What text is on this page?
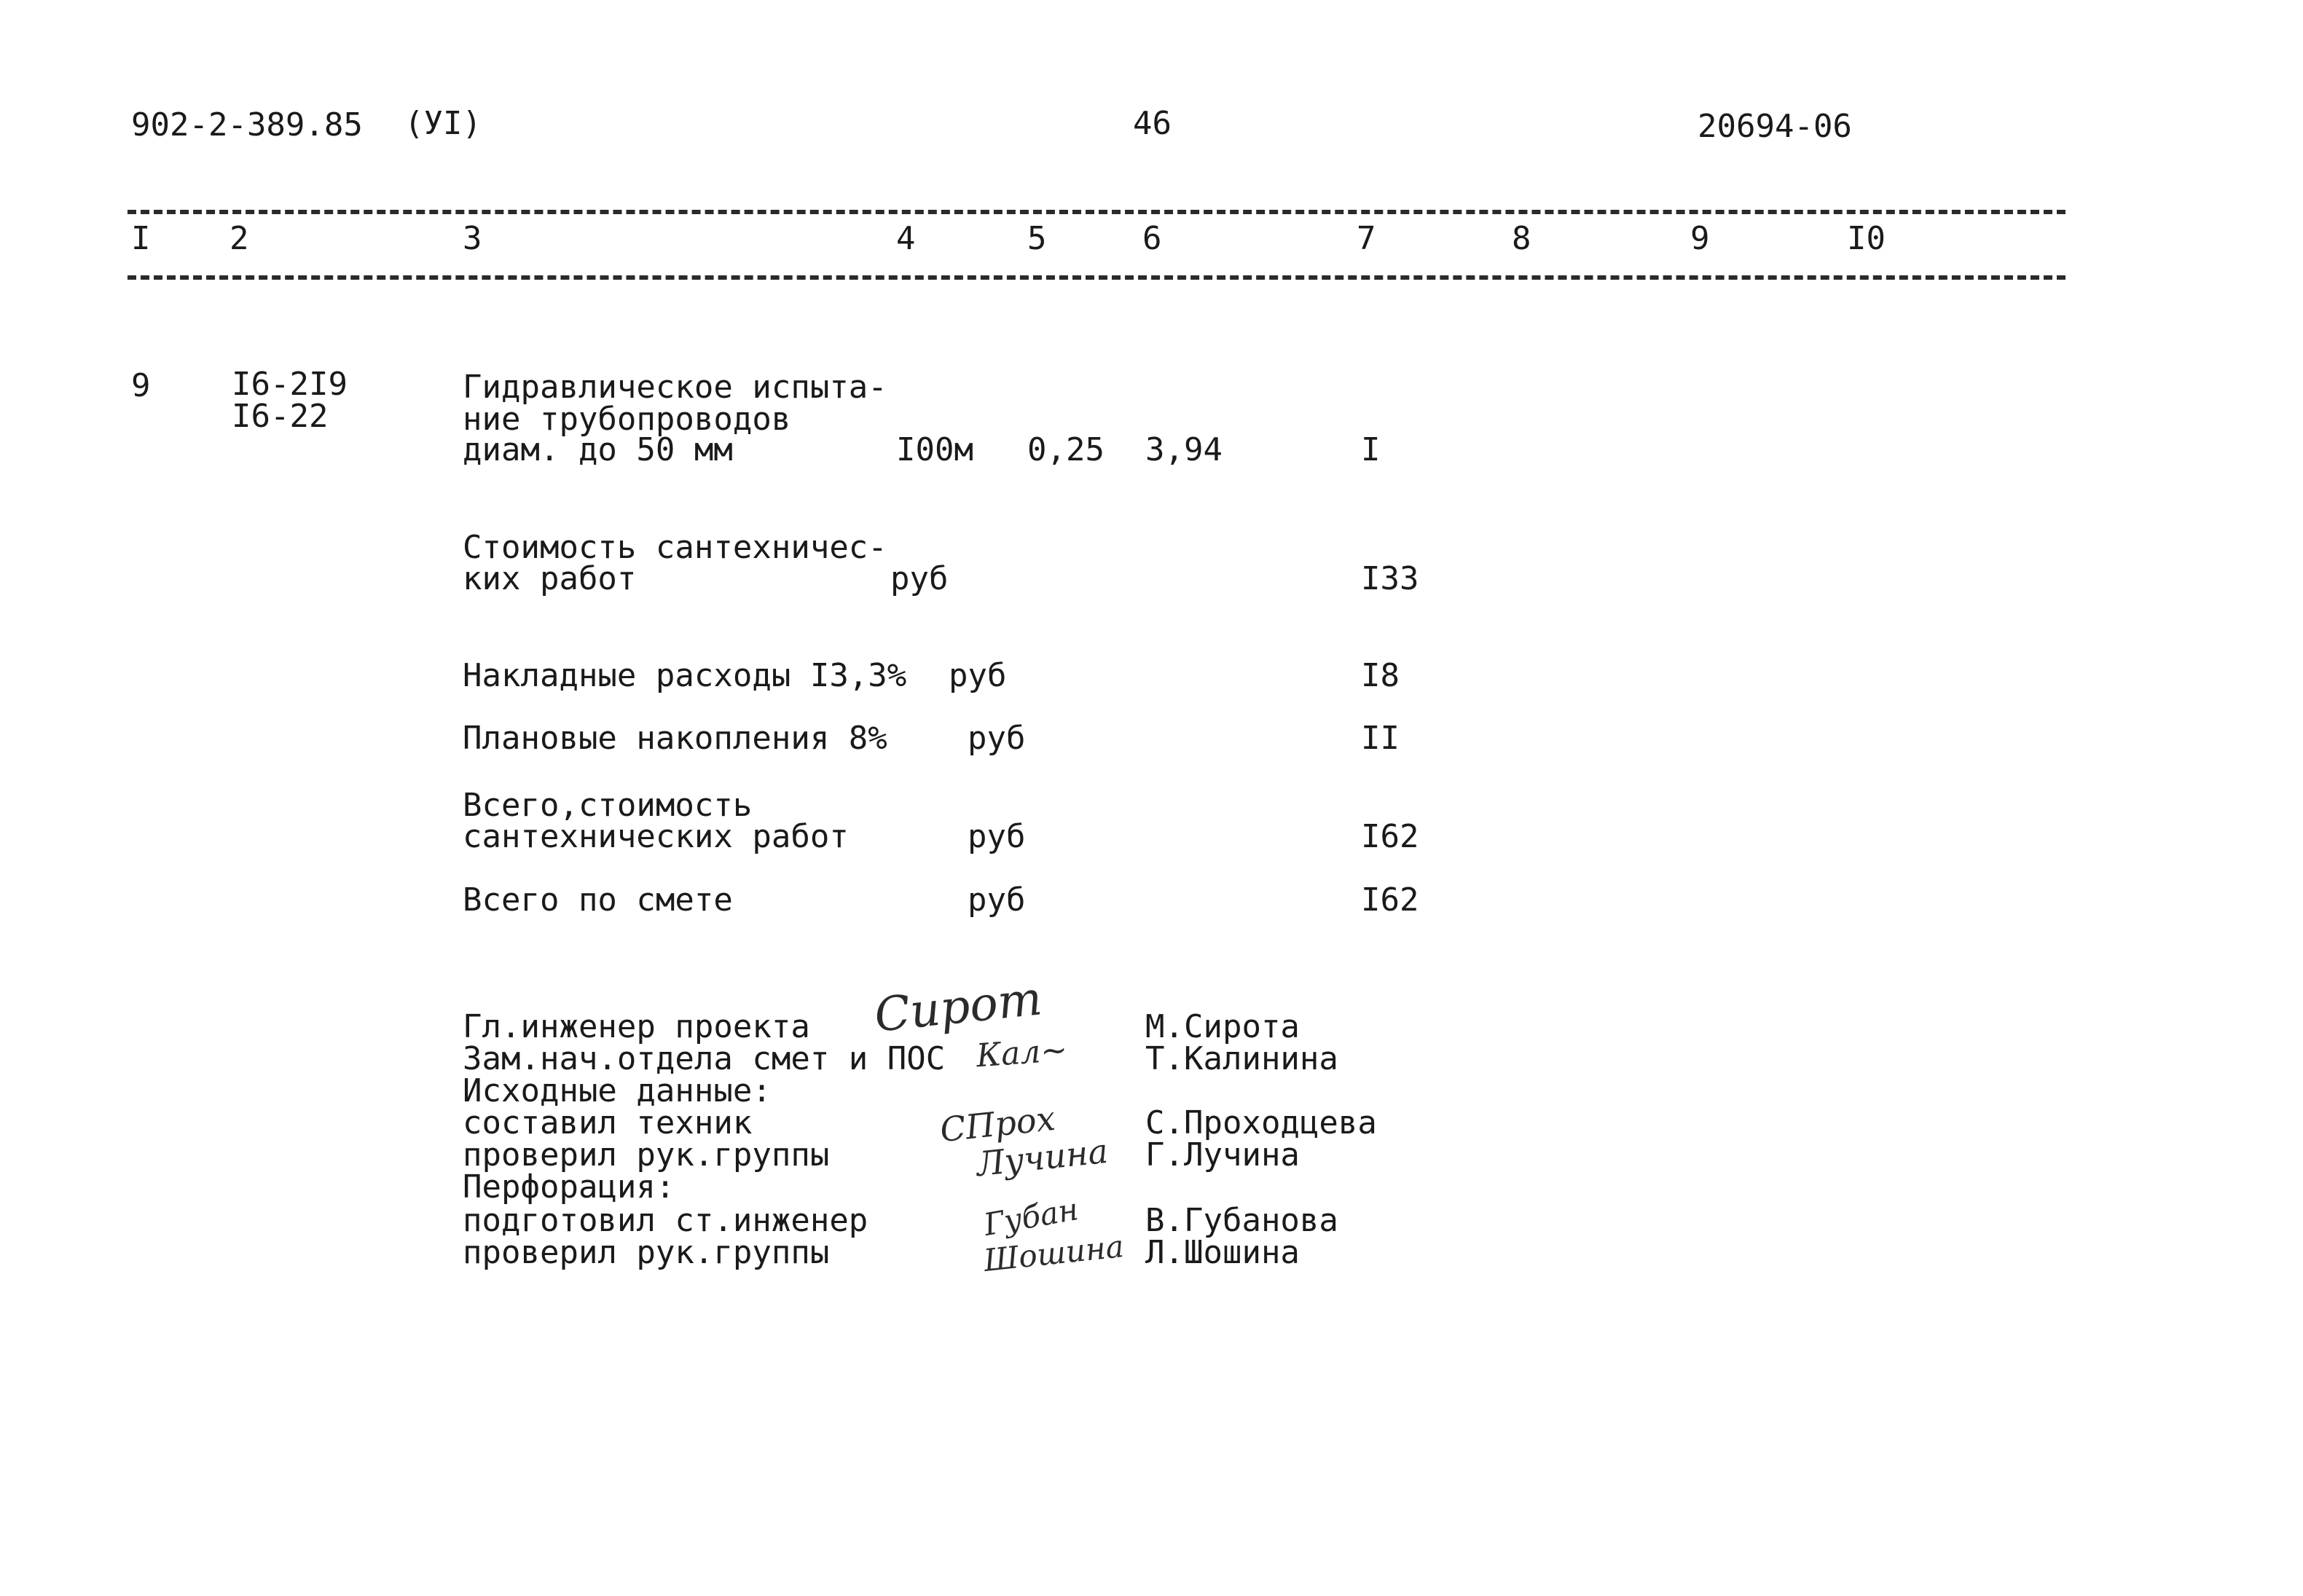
902-2-389.85 (УI)	46	20694-06
I 2	3	4	5	6	7	8	9	I0
9	I6-2I9
I6-22
Гидравлическое испыта-
ние трубопроводов
диам. до 50 мм	I00м 0,25 3,94	I
Стоимость сантехничес-
ких работ	руб	I33
Накладные расходы I3,3% руб	I8
Плановые накопления 8%	руб	II
Всего,стоимость
сантехнических работ	руб	I62
Всего по смете	руб	I62
Гл.инженер проекта	М.Сирота
Зам.нач.отдела смет и ПОС	Т.Калинина
Исходные данные:
составил техник	С.Проходцева
проверил рук.группы	Г.Лучина
Перфорация:
подготовил ст.инженер	В.Губанова
проверил рук.группы	Л.Шошина
Сирот
Кал~
СПрох
Лучина
Губан
Шошина
